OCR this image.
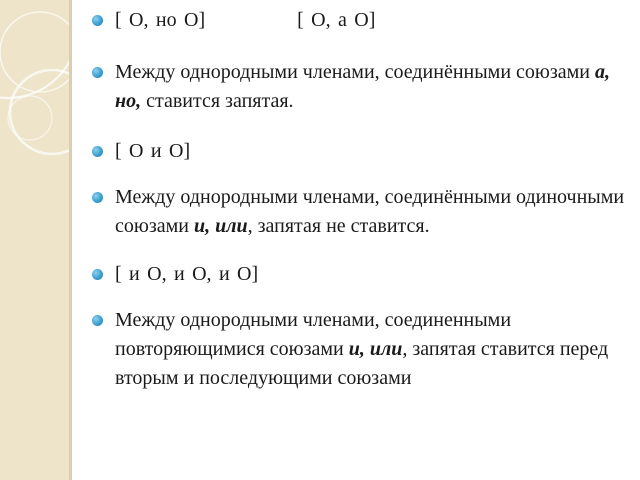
[ О, но О]	[ О, а О]
Между однородными членами, соединёнными союзами а, но, ставится запятая.
[ О и О]
Между однородными членами, соединёнными одиночными союзами и, или, запятая не ставится.
[ и О, и О, и О]
Между однородными членами, соединенными повторяющимися союзами и, или, запятая ставится перед вторым и последующими союзами
